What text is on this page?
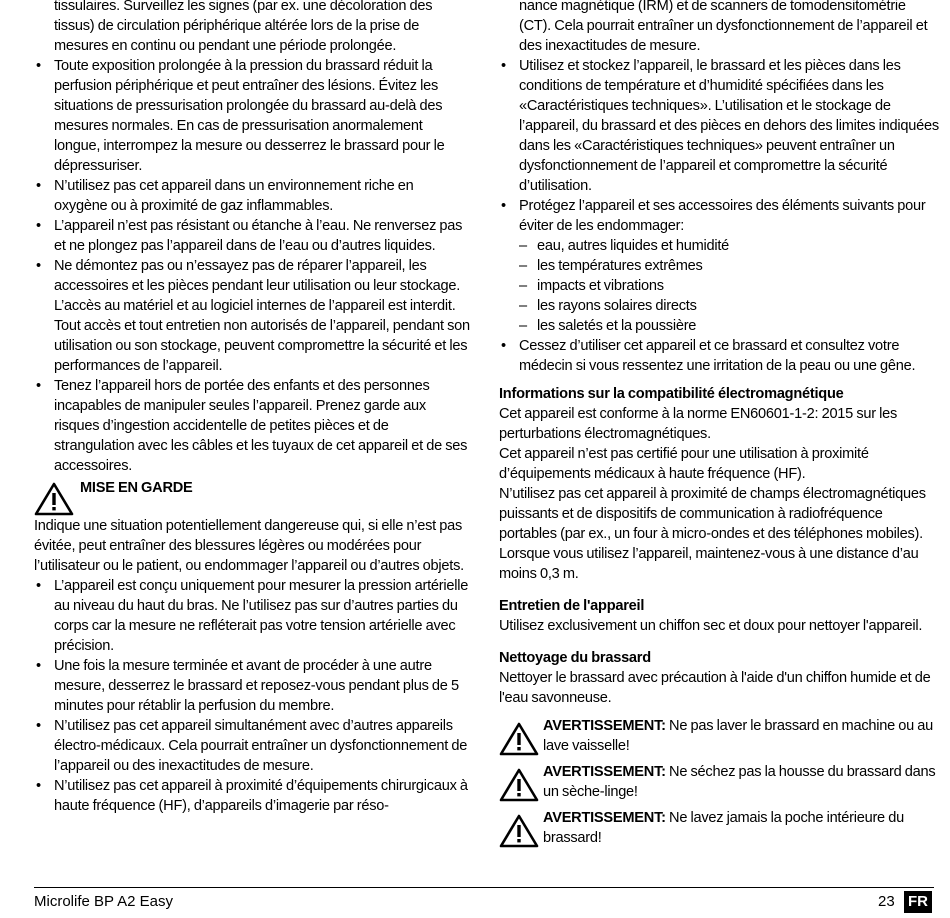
tissulaires. Surveillez les signes (par ex. une décoloration des tissus) de circulation périphérique altérée lors de la prise de mesures en continu ou pendant une période prolongée.

• Toute exposition prolongée à la pression du brassard réduit la perfusion périphérique et peut entraîner des lésions. Évitez les situations de pressurisation prolongée du brassard au-delà des mesures normales. En cas de pressurisation anormalement longue, interrompez la mesure ou desserrez le brassard pour le dépressuriser.

• N’utilisez pas cet appareil dans un environnement riche en oxygène ou à proximité de gaz inflammables.

• L’appareil n’est pas résistant ou étanche à l’eau. Ne renversez pas et ne plongez pas l’appareil dans de l’eau ou d’autres liquides.

• Ne démontez pas ou n’essayez pas de réparer l’appareil, les accessoires et les pièces pendant leur utilisation ou leur stockage. L’accès au matériel et au logiciel internes de l’appareil est interdit. Tout accès et tout entretien non autorisés de l’appareil, pendant son utilisation ou son stockage, peuvent compromettre la sécurité et les performances de l’appareil.

• Tenez l’appareil hors de portée des enfants et des personnes incapables de manipuler seules l’appareil. Prenez garde aux risques d’ingestion accidentelle de petites pièces et de strangulation avec les câbles et les tuyaux de cet appareil et de ses accessoires.

MISE EN GARDE

Indique une situation potentiellement dangereuse qui, si elle n’est pas évitée, peut entraîner des blessures légères ou modérées pour l’utilisateur ou le patient, ou endommager l’appareil ou d’autres objets.

• L’appareil est conçu uniquement pour mesurer la pression artérielle au niveau du haut du bras. Ne l’utilisez pas sur d’autres parties du corps car la mesure ne refléterait pas votre tension artérielle avec précision.

• Une fois la mesure terminée et avant de procéder à une autre mesure, desserrez le brassard et reposez-vous pendant plus de 5 minutes pour rétablir la perfusion du membre.

• N’utilisez pas cet appareil simultanément avec d’autres appareils électro-médicaux. Cela pourrait entraîner un dysfonctionnement de l’appareil ou des inexactitudes de mesure.

• N’utilisez pas cet appareil à proximité d’équipements chirurgicaux à haute fréquence (HF), d’appareils d’imagerie par réso-

nance magnétique (IRM) et de scanners de tomodensitométrie (CT). Cela pourrait entraîner un dysfonctionnement de l’appareil et des inexactitudes de mesure.

• Utilisez et stockez l’appareil, le brassard et les pièces dans les conditions de température et d’humidité spécifiées dans les «Caractéristiques techniques». L’utilisation et le stockage de l’appareil, du brassard et des pièces en dehors des limites indiquées dans les «Caractéristiques techniques» peuvent entraîner un dysfonctionnement de l’appareil et compromettre la sécurité d’utilisation.

• Protégez l’appareil et ses accessoires des éléments suivants pour éviter de les endommager:

– eau, autres liquides et humidité

– les températures extrêmes

– impacts et vibrations

– les rayons solaires directs

– les saletés et la poussière

• Cessez d’utiliser cet appareil et ce brassard et consultez votre médecin si vous ressentez une irritation de la peau ou une gêne.

Informations sur la compatibilité électromagnétique

Cet appareil est conforme à la norme EN60601-1-2: 2015 sur les perturbations électromagnétiques.

Cet appareil n’est pas certifié pour une utilisation à proximité d’équipements médicaux à haute fréquence (HF).

N’utilisez pas cet appareil à proximité de champs électromagnétiques puissants et de dispositifs de communication à radiofréquence portables (par ex., un four à micro-ondes et des téléphones mobiles). Lorsque vous utilisez l’appareil, maintenez-vous à une distance d’au moins 0,3 m.

Entretien de l'appareil

Utilisez exclusivement un chiffon sec et doux pour nettoyer l'appareil.

Nettoyage du brassard

Nettoyer le brassard avec précaution à l'aide d'un chiffon humide et de l'eau savonneuse.

AVERTISSEMENT: Ne pas laver le brassard en machine ou au lave vaisselle!
AVERTISSEMENT: Ne séchez pas la housse du brassard dans un sèche-linge!
AVERTISSEMENT: Ne lavez jamais la poche intérieure du brassard!
Microlife BP A2 Easy	23 FR
